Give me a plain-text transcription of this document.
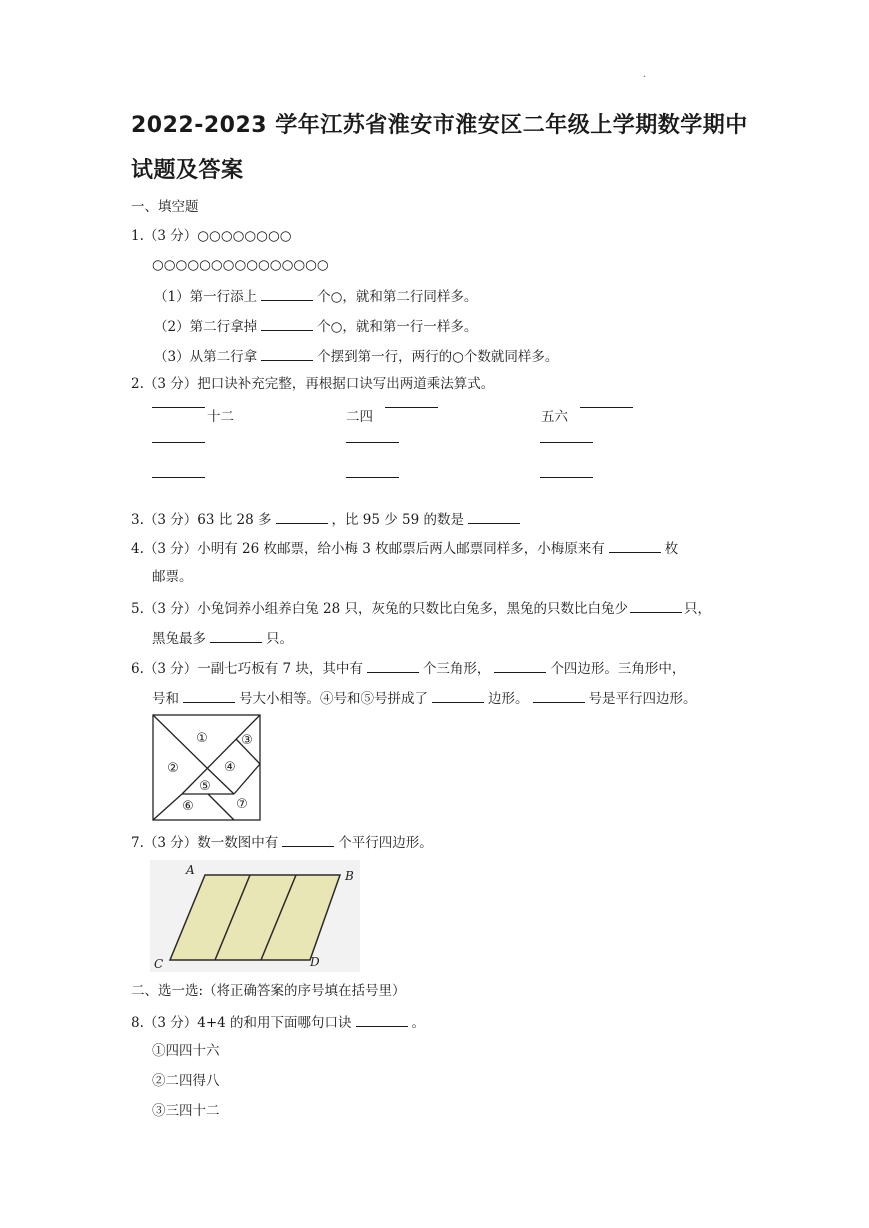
·
2022-2023 学年江苏省淮安市淮安区二年级上学期数学期中
试题及答案
一、填空题
1.（3 分）○○○○○○○○
○○○○○○○○○○○○○○○
（1）第一行添上	个○，就和第二行同样多。
（2）第二行拿掉	个○，就和第一行一样多。
（3）从第二行拿	个摆到第一行，两行的○个数就同样多。
2.（3 分）把口诀补充完整，再根据口诀写出两道乘法算式。
十二	二四	五六
3.（3 分）63 比 28 多	，比 95 少 59 的数是
4.（3 分）小明有 26 枚邮票，给小梅 3 枚邮票后两人邮票同样多，小梅原来有	枚
邮票。
5.（3 分）小兔饲养小组养白兔 28 只，灰兔的只数比白兔多，黑兔的只数比白兔少	只，
黑兔最多	只。
6.（3 分）一副七巧板有 7 块，其中有	个三角形，	个四边形。三角形中，
号和	号大小相等。④号和⑤号拼成了	边形。	号是平行四边形。
①
②
③
④
⑤
⑥	⑦
7.（3 分）数一数图中有	个平行四边形。
A	B
C	D
二、选一选:（将正确答案的序号填在括号里）
8.（3 分）4+4 的和用下面哪句口诀	。
①四四十六
②二四得八
③三四十二
